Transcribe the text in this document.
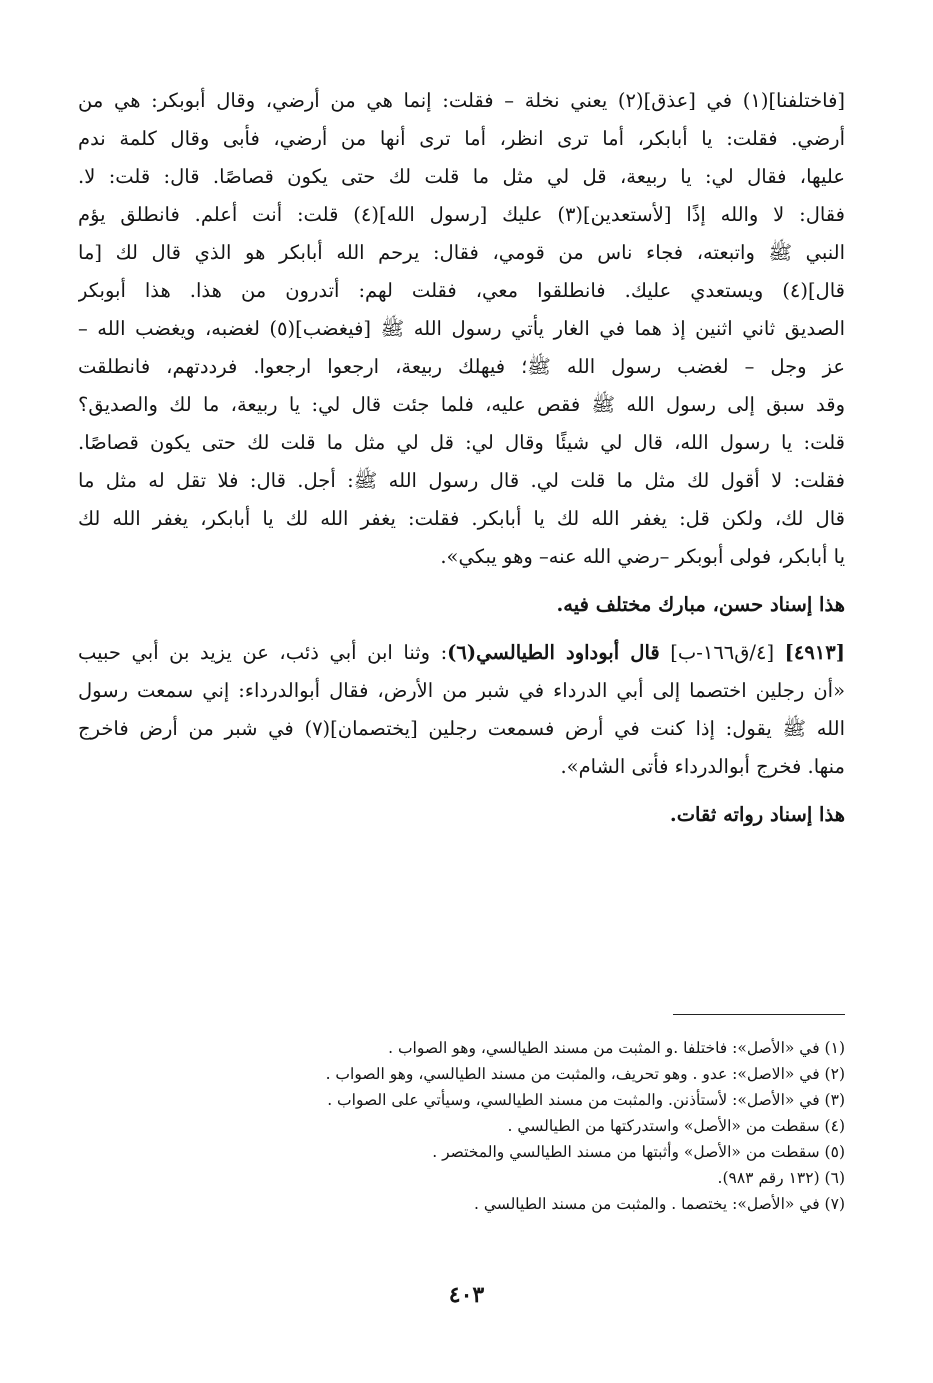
[فاختلفنا](١) في [عذق](٢) يعني نخلة – فقلت: إنما هي من أرضي، وقال أبوبكر: هي من
أرضي. فقلت: يا أبابكر، أما ترى انظر، أما ترى أنها من أرضي، فأبى وقال كلمة ندم
عليها، فقال لي: يا ربيعة، قل لي مثل ما قلت لك حتى يكون قصاصًا. قال: قلت: لا.
فقال: لا والله إذًا [لأستعدين](٣) عليك [رسول الله](٤) قلت: أنت أعلم. فانطلق يؤم
النبي ﷺ واتبعته، فجاء ناس من قومي، فقال: يرحم الله أبابكر هو الذي قال لك [ما
قال](٤) ويستعدي عليك. فانطلقوا معي، فقلت لهم: أتدرون من هذا. هذا أبوبكر
الصديق ثاني اثنين إذ هما في الغار يأتي رسول الله ﷺ [فيغضب](٥) لغضبه، ويغضب الله –
عز وجل – لغضب رسول الله ﷺ؛ فيهلك ربيعة، ارجعوا ارجعوا. فرددتهم، فانطلقت
وقد سبق إلى رسول الله ﷺ فقص عليه، فلما جئت قال لي: يا ربيعة، ما لك والصديق؟
قلت: يا رسول الله، قال لي شيئًا وقال لي: قل لي مثل ما قلت لك حتى يكون قصاصًا.
فقلت: لا أقول لك مثل ما قلت لي. قال رسول الله ﷺ: أجل. قال: فلا تقل له مثل ما
قال لك، ولكن قل: يغفر الله لك يا أبابكر. فقلت: يغفر الله لك يا أبابكر، يغفر الله لك
يا أبابكر، فولى أبوبكر –رضي الله عنه– وهو يبكي».
هذا إسناد حسن، مبارك مختلف فيه.
[٤٩١٣] [٤/ق١٦٦-ب] قال أبوداود الطيالسي(٦): وثنا ابن أبي ذئب، عن يزيد بن أبي حبيب
«أن رجلين اختصما إلى أبي الدرداء في شبر من الأرض، فقال أبوالدرداء: إني سمعت رسول
الله ﷺ يقول: إذا كنت في أرض فسمعت رجلين [يختصمان](٧) في شبر من أرض فاخرج
منها. فخرج أبوالدرداء فأتى الشام».
هذا إسناد رواته ثقات.
(١) في «الأصل»: فاختلفا .و المثبت من مسند الطيالسي، وهو الصواب .
(٢) في «الاصل»: عدو . وهو تحريف، والمثبت من مسند الطيالسي، وهو الصواب .
(٣) في «الأصل»: لأستأذنن. والمثبت من مسند الطيالسي، وسيأتي على الصواب .
(٤) سقطت من «الأصل» واستدركتها من الطيالسي .
(٥) سقطت من «الأصل» وأثبتها من مسند الطيالسي والمختصر .
(٦) (١٣٢ رقم ٩٨٣).
(٧) في «الأصل»: يختصما . والمثبت من مسند الطيالسي .
٤٠٣
